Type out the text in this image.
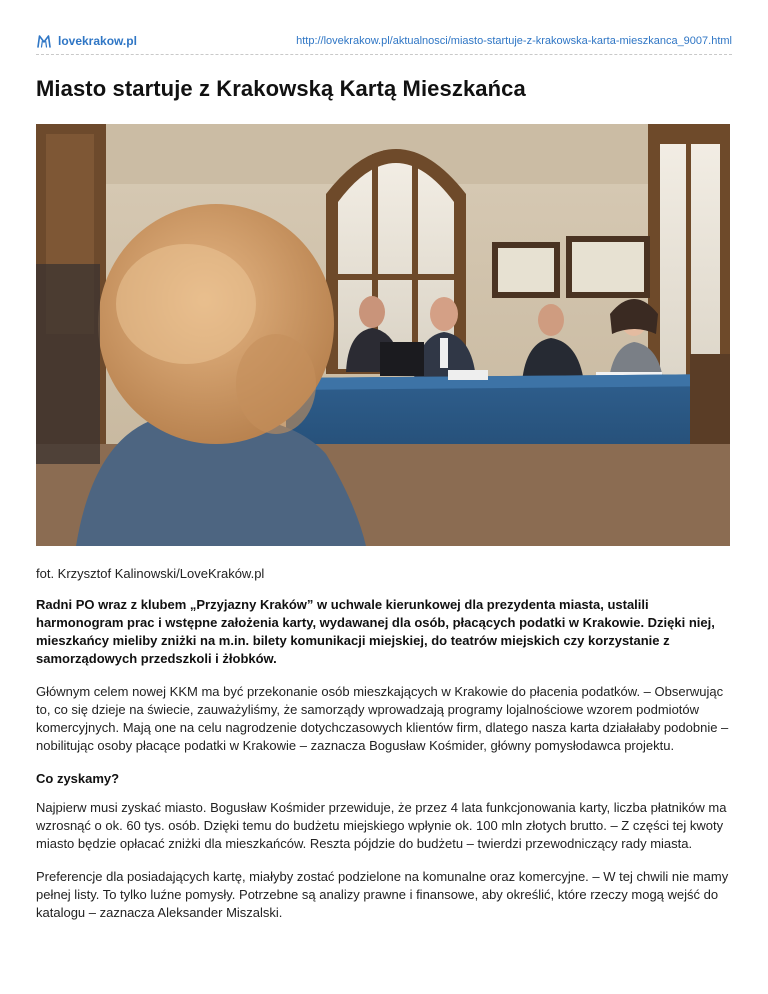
lovekrakow.pl	http://lovekrakow.pl/aktualnosci/miasto-startuje-z-krakowska-karta-mieszkanca_9007.html
Miasto startuje z Krakowską Kartą Mieszkańca

fot. Krzysztof Kalinowski/LoveKraków.pl

Radni PO wraz z klubem „Przyjazny Kraków” w uchwale kierunkowej dla prezydenta miasta, ustalili harmonogram prac i wstępne założenia karty, wydawanej dla osób, płacących podatki w Krakowie. Dzięki niej, mieszkańcy mieliby zniżki na m.in. bilety komunikacji miejskiej, do teatrów miejskich czy korzystanie z samorządowych przedszkoli i żłobków.

Głównym celem nowej KKM ma być przekonanie osób mieszkających w Krakowie do płacenia podatków. – Obserwując to, co się dzieje na świecie, zauważyliśmy, że samorządy wprowadzają programy lojalnościowe wzorem podmiotów komercyjnych. Mają one na celu nagrodzenie dotychczasowych klientów firm, dlatego nasza karta działałaby podobnie – nobilitując osoby płacące podatki w Krakowie – zaznacza Bogusław Kośmider, główny pomysłodawca projektu.

Co zyskamy?

Najpierw musi zyskać miasto. Bogusław Kośmider przewiduje, że przez 4 lata funkcjonowania karty, liczba płatników ma wzrosnąć o ok. 60 tys. osób. Dzięki temu do budżetu miejskiego wpłynie ok. 100 mln złotych brutto. – Z części tej kwoty miasto będzie opłacać zniżki dla mieszkańców. Reszta pójdzie do budżetu – twierdzi przewodniczący rady miasta.

Preferencje dla posiadających kartę, miałyby zostać podzielone na komunalne oraz komercyjne. – W tej chwili nie mamy pełnej listy. To tylko luźne pomysły. Potrzebne są analizy prawne i finansowe, aby określić, które rzeczy mogą wejść do katalogu – zaznacza Aleksander Miszalski.
